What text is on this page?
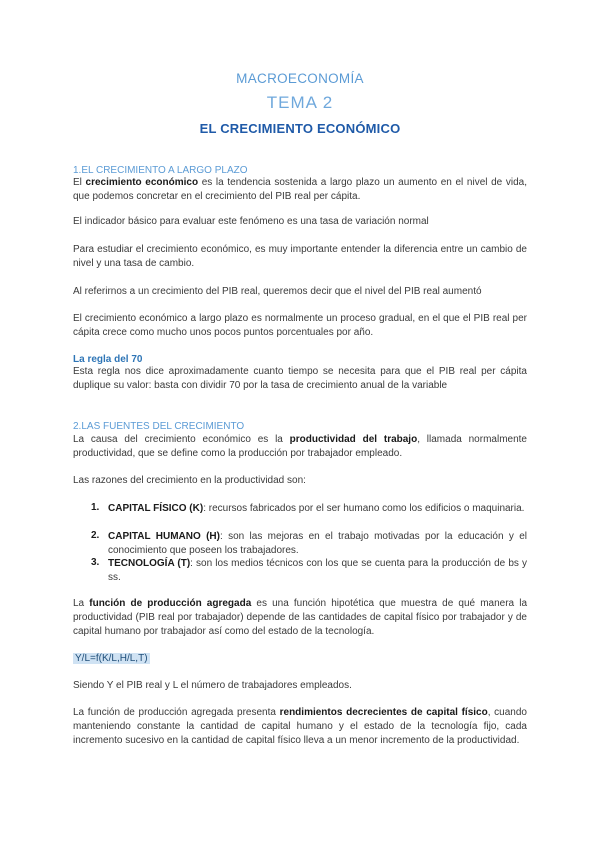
MACROECONOMÍA
TEMA 2
EL CRECIMIENTO ECONÓMICO
1.EL CRECIMIENTO A LARGO PLAZO
El crecimiento económico es la tendencia sostenida a largo plazo un aumento en el nivel de vida, que podemos concretar en el crecimiento del PIB real per cápita.
El indicador básico para evaluar este fenómeno es una tasa de variación normal
Para estudiar el crecimiento económico, es muy importante entender la diferencia entre un cambio de nivel y una tasa de cambio.
Al referirnos a un crecimiento del PIB real, queremos decir que el nivel del PIB real aumentó
El crecimiento económico a largo plazo es normalmente un proceso gradual, en el que el PIB real per cápita crece como mucho unos pocos puntos porcentuales por año.
La regla del 70
Esta regla nos dice aproximadamente cuanto tiempo se necesita para que el PIB real per cápita duplique su valor: basta con dividir 70 por la tasa de crecimiento anual de la variable
2.LAS FUENTES DEL CRECIMIENTO
La causa del crecimiento económico es la productividad del trabajo, llamada normalmente productividad, que se define como la producción por trabajador empleado.
Las razones del crecimiento en la productividad son:
1. CAPITAL FÍSICO (K): recursos fabricados por el ser humano como los edificios o maquinaria.
2. CAPITAL HUMANO (H): son las mejoras en el trabajo motivadas por la educación y el conocimiento que poseen los trabajadores.
3. TECNOLOGÍA (T): son los medios técnicos con los que se cuenta para la producción de bs y ss.
La función de producción agregada es una función hipotética que muestra de qué manera la productividad (PIB real por trabajador) depende de las cantidades de capital físico por trabajador y de capital humano por trabajador así como del estado de la tecnología.
Y/L=f(K/L,H/L,T)
Siendo Y el PIB real y L el número de trabajadores empleados.
La función de producción agregada presenta rendimientos decrecientes de capital físico, cuando manteniendo constante la cantidad de capital humano y el estado de la tecnología fijo, cada incremento sucesivo en la cantidad de capital físico lleva a un menor incremento de la productividad.
